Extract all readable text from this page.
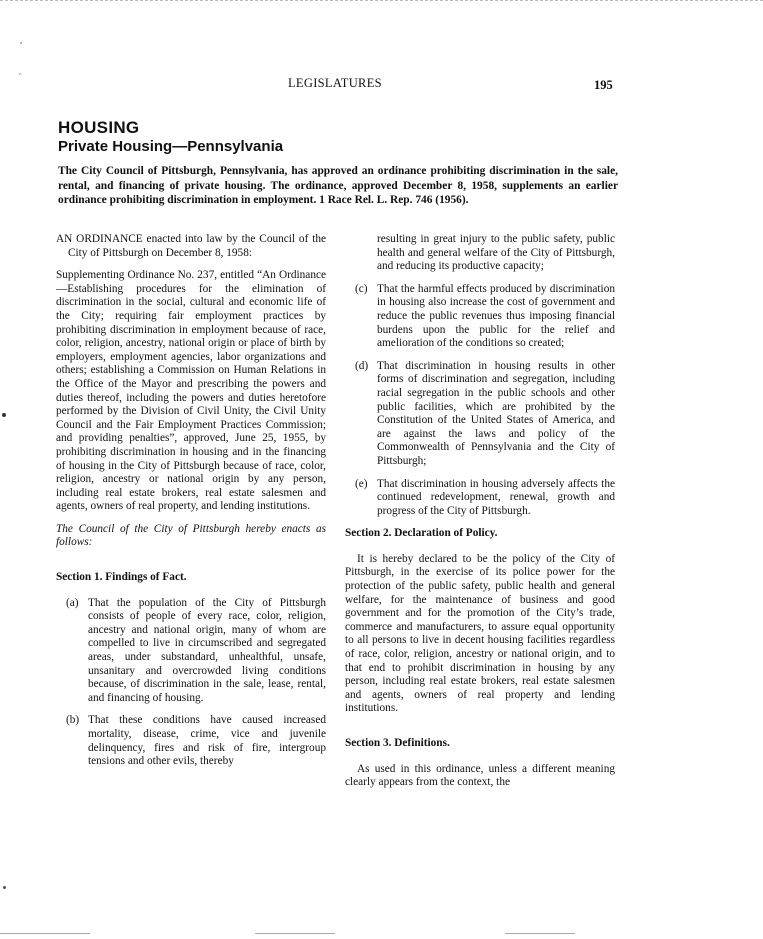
′
´	LEGISLATURES	195
HOUSING
Private Housing—Pennsylvania
The City Council of Pittsburgh, Pennsylvania, has approved an ordinance prohibiting discrimination in the sale, rental, and financing of private housing. The ordinance, approved December 8, 1958, supplements an earlier ordinance prohibiting discrimination in employment. 1 Race Rel. L. Rep. 746 (1956).

AN ORDINANCE enacted into law by the Council of the City of Pittsburgh on December 8, 1958:

Supplementing Ordinance No. 237, entitled “An Ordinance—Establishing procedures for the elimination of discrimination in the social, cultural and economic life of the City; requiring fair employment practices by prohibiting discrimination in employment because of race, color, religion, ancestry, national origin or place of birth by employers, employment agencies, labor organizations and others; establishing a Commission on Human Relations in the Office of the Mayor and prescribing the powers and duties thereof, including the powers and duties heretofore performed by the Division of Civil Unity, the Civil Unity Council and the Fair Employment Practices Commission; and providing penalties”, approved, June 25, 1955, by prohibiting discrimination in housing and in the financing of housing in the City of Pittsburgh because of race, color, religion, ancestry or national origin by any person, including real estate brokers, real estate salesmen and agents, owners of real property, and lending institutions.

The Council of the City of Pittsburgh hereby enacts as follows:

Section 1. Findings of Fact.
(a) That the population of the City of Pittsburgh consists of people of every race, color, religion, ancestry and national origin, many of whom are compelled to live in circumscribed and segregated areas, under substandard, unhealthful, unsafe, unsanitary and overcrowded living conditions because, of discrimination in the sale, lease, rental, and financing of housing.
(b) That these conditions have caused increased mortality, disease, crime, vice and juvenile delinquency, fires and risk of fire, intergroup tensions and other evils, thereby

resulting in great injury to the public safety, public health and general welfare of the City of Pittsburgh, and reducing its productive capacity;

(c) That the harmful effects produced by discrimination in housing also increase the cost of government and reduce the public revenues thus imposing financial burdens upon the public for the relief and amelioration of the conditions so created;
(d) That discrimination in housing results in other forms of discrimination and segregation, including racial segregation in the public schools and other public facilities, which are prohibited by the Constitution of the United States of America, and are against the laws and policy of the Commonwealth of Pennsylvania and the City of Pittsburgh;
(e) That discrimination in housing adversely affects the continued redevelopment, renewal, growth and progress of the City of Pittsburgh.
Section 2. Declaration of Policy.

It is hereby declared to be the policy of the City of Pittsburgh, in the exercise of its police power for the protection of the public safety, public health and general welfare, for the maintenance of business and good government and for the promotion of the City’s trade, commerce and manufacturers, to assure equal opportunity to all persons to live in decent housing facilities regardless of race, color, religion, ancestry or national origin, and to that end to prohibit discrimination in housing by any person, including real estate brokers, real estate salesmen and agents, owners of real property and lending institutions.

Section 3. Definitions.

As used in this ordinance, unless a different meaning clearly appears from the context, the
